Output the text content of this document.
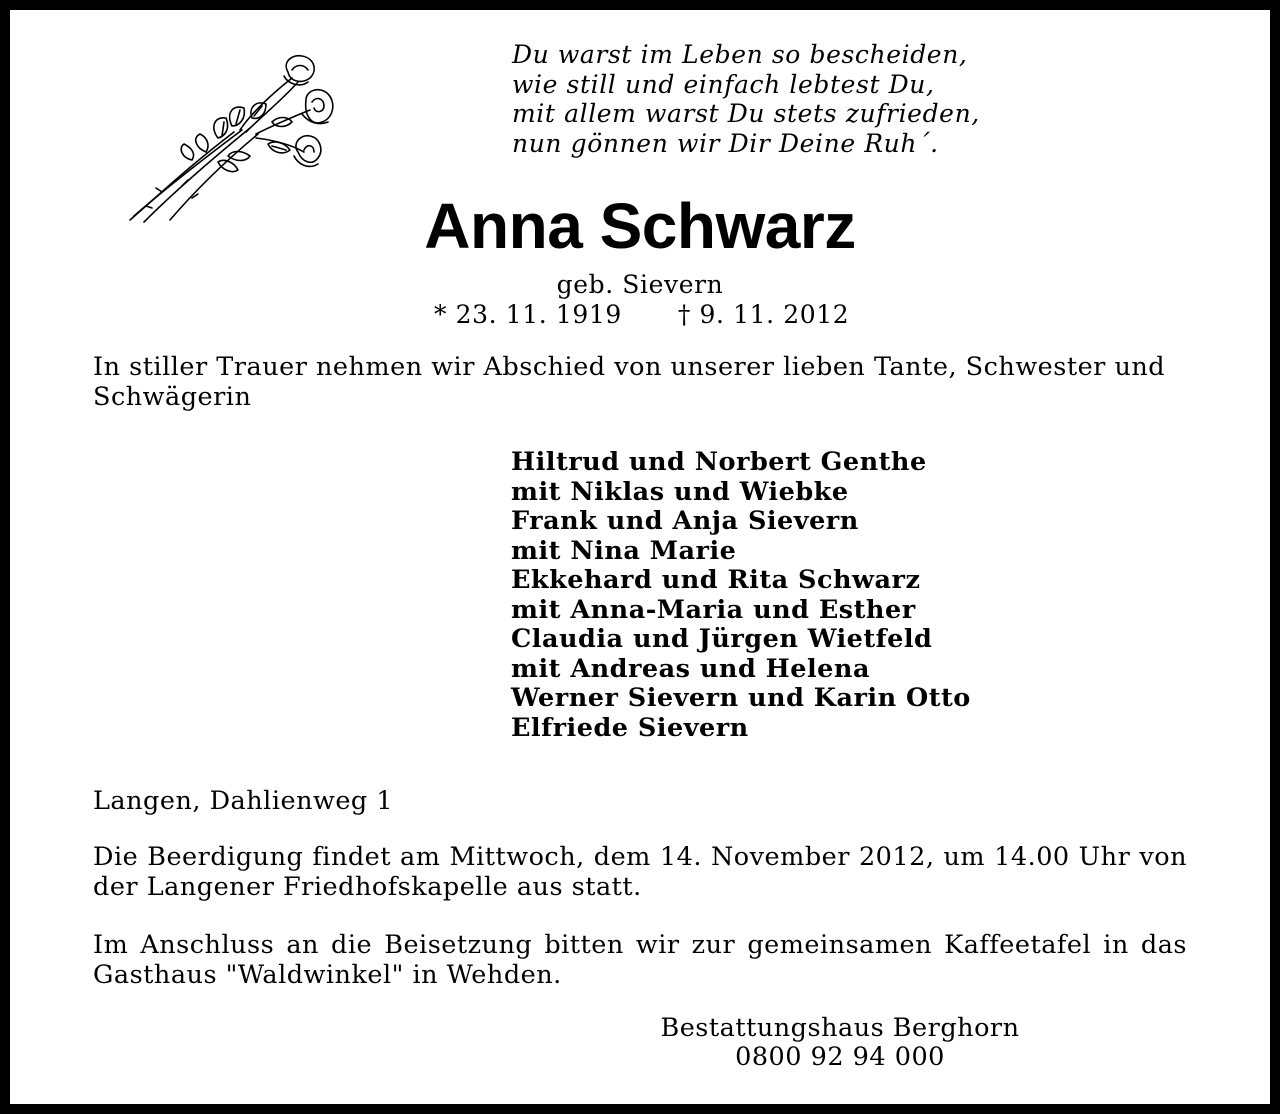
Du warst im Leben so bescheiden,
wie still und einfach lebtest Du,
mit allem warst Du stets zufrieden,
nun gönnen wir Dir Deine Ruh´.
Anna Schwarz
geb. Sievern
* 23. 11. 1919 † 9. 11. 2012
In stiller Trauer nehmen wir Abschied von unserer lieben Tante, Schwester und Schwägerin
Hiltrud und Norbert Genthe
mit Niklas und Wiebke
Frank und Anja Sievern
mit Nina Marie
Ekkehard und Rita Schwarz
mit Anna-Maria und Esther
Claudia und Jürgen Wietfeld
mit Andreas und Helena
Werner Sievern und Karin Otto
Elfriede Sievern
Langen, Dahlienweg 1
Die Beerdigung findet am Mittwoch, dem 14. November 2012, um 14.00 Uhr von der Langener Friedhofskapelle aus statt.
Im Anschluss an die Beisetzung bitten wir zur gemeinsamen Kaffeetafel in das Gasthaus "Waldwinkel" in Wehden.
Bestattungshaus Berghorn
0800 92 94 000
